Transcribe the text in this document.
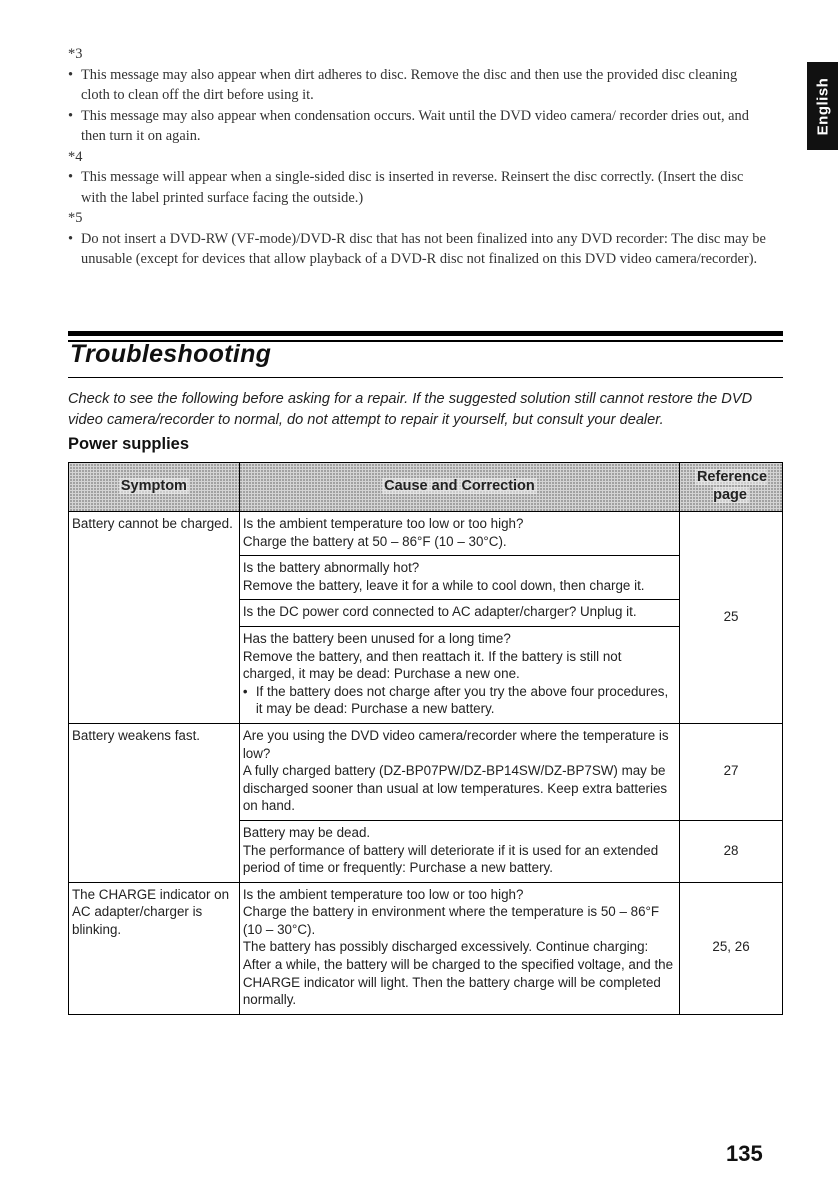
*3

• This message may also appear when dirt adheres to disc. Remove the disc and then use the provided disc cleaning cloth to clean off the dirt before using it.

• This message may also appear when condensation occurs. Wait until the DVD video camera/ recorder dries out, and then turn it on again.

*4

• This message will appear when a single-sided disc is inserted in reverse. Reinsert the disc correctly. (Insert the disc with the label printed surface facing the outside.)

*5

• Do not insert a DVD-RW (VF-mode)/DVD-R disc that has not been finalized into any DVD recorder: The disc may be unusable (except for devices that allow playback of a DVD-R disc not finalized on this DVD video camera/recorder).

English
Troubleshooting

Check to see the following before asking for a repair. If the suggested solution still cannot restore the DVD video camera/recorder to normal, do not attempt to repair it yourself, but consult your dealer.

Power supplies
Symptom	Cause and Correction	Reference page
Battery cannot be charged.	Is the ambient temperature too low or too high?

Charge the battery at 50 – 86°F (10 – 30°C).	25

	Is the battery abnormally hot?

Remove the battery, leave it for a while to cool down, then charge it.	

	Is the DC power cord connected to AC adapter/charger? Unplug it.	

	Has the battery been unused for a long time?

Remove the battery, and then reattach it. If the battery is still not charged, it may be dead: Purchase a new one.

• If the battery does not charge after you try the above four procedures, it may be dead: Purchase a new battery.

Battery weakens fast.	Are you using the DVD video camera/recorder where the temperature is low?

A fully charged battery (DZ-BP07PW/DZ-BP14SW/DZ-BP7SW) may be discharged sooner than usual at low temperatures. Keep extra batteries on hand.	27

	Battery may be dead.

The performance of battery will deteriorate if it is used for an extended period of time or frequently: Purchase a new battery.	28
The CHARGE indicator on AC adapter/charger is blinking.	Is the ambient temperature too low or too high?

Charge the battery in environment where the temperature is 50 – 86°F (10 – 30°C).

The battery has possibly discharged excessively. Continue charging: After a while, the battery will be charged to the specified voltage, and the CHARGE indicator will light. Then the battery charge will be completed normally.	25, 26

135
